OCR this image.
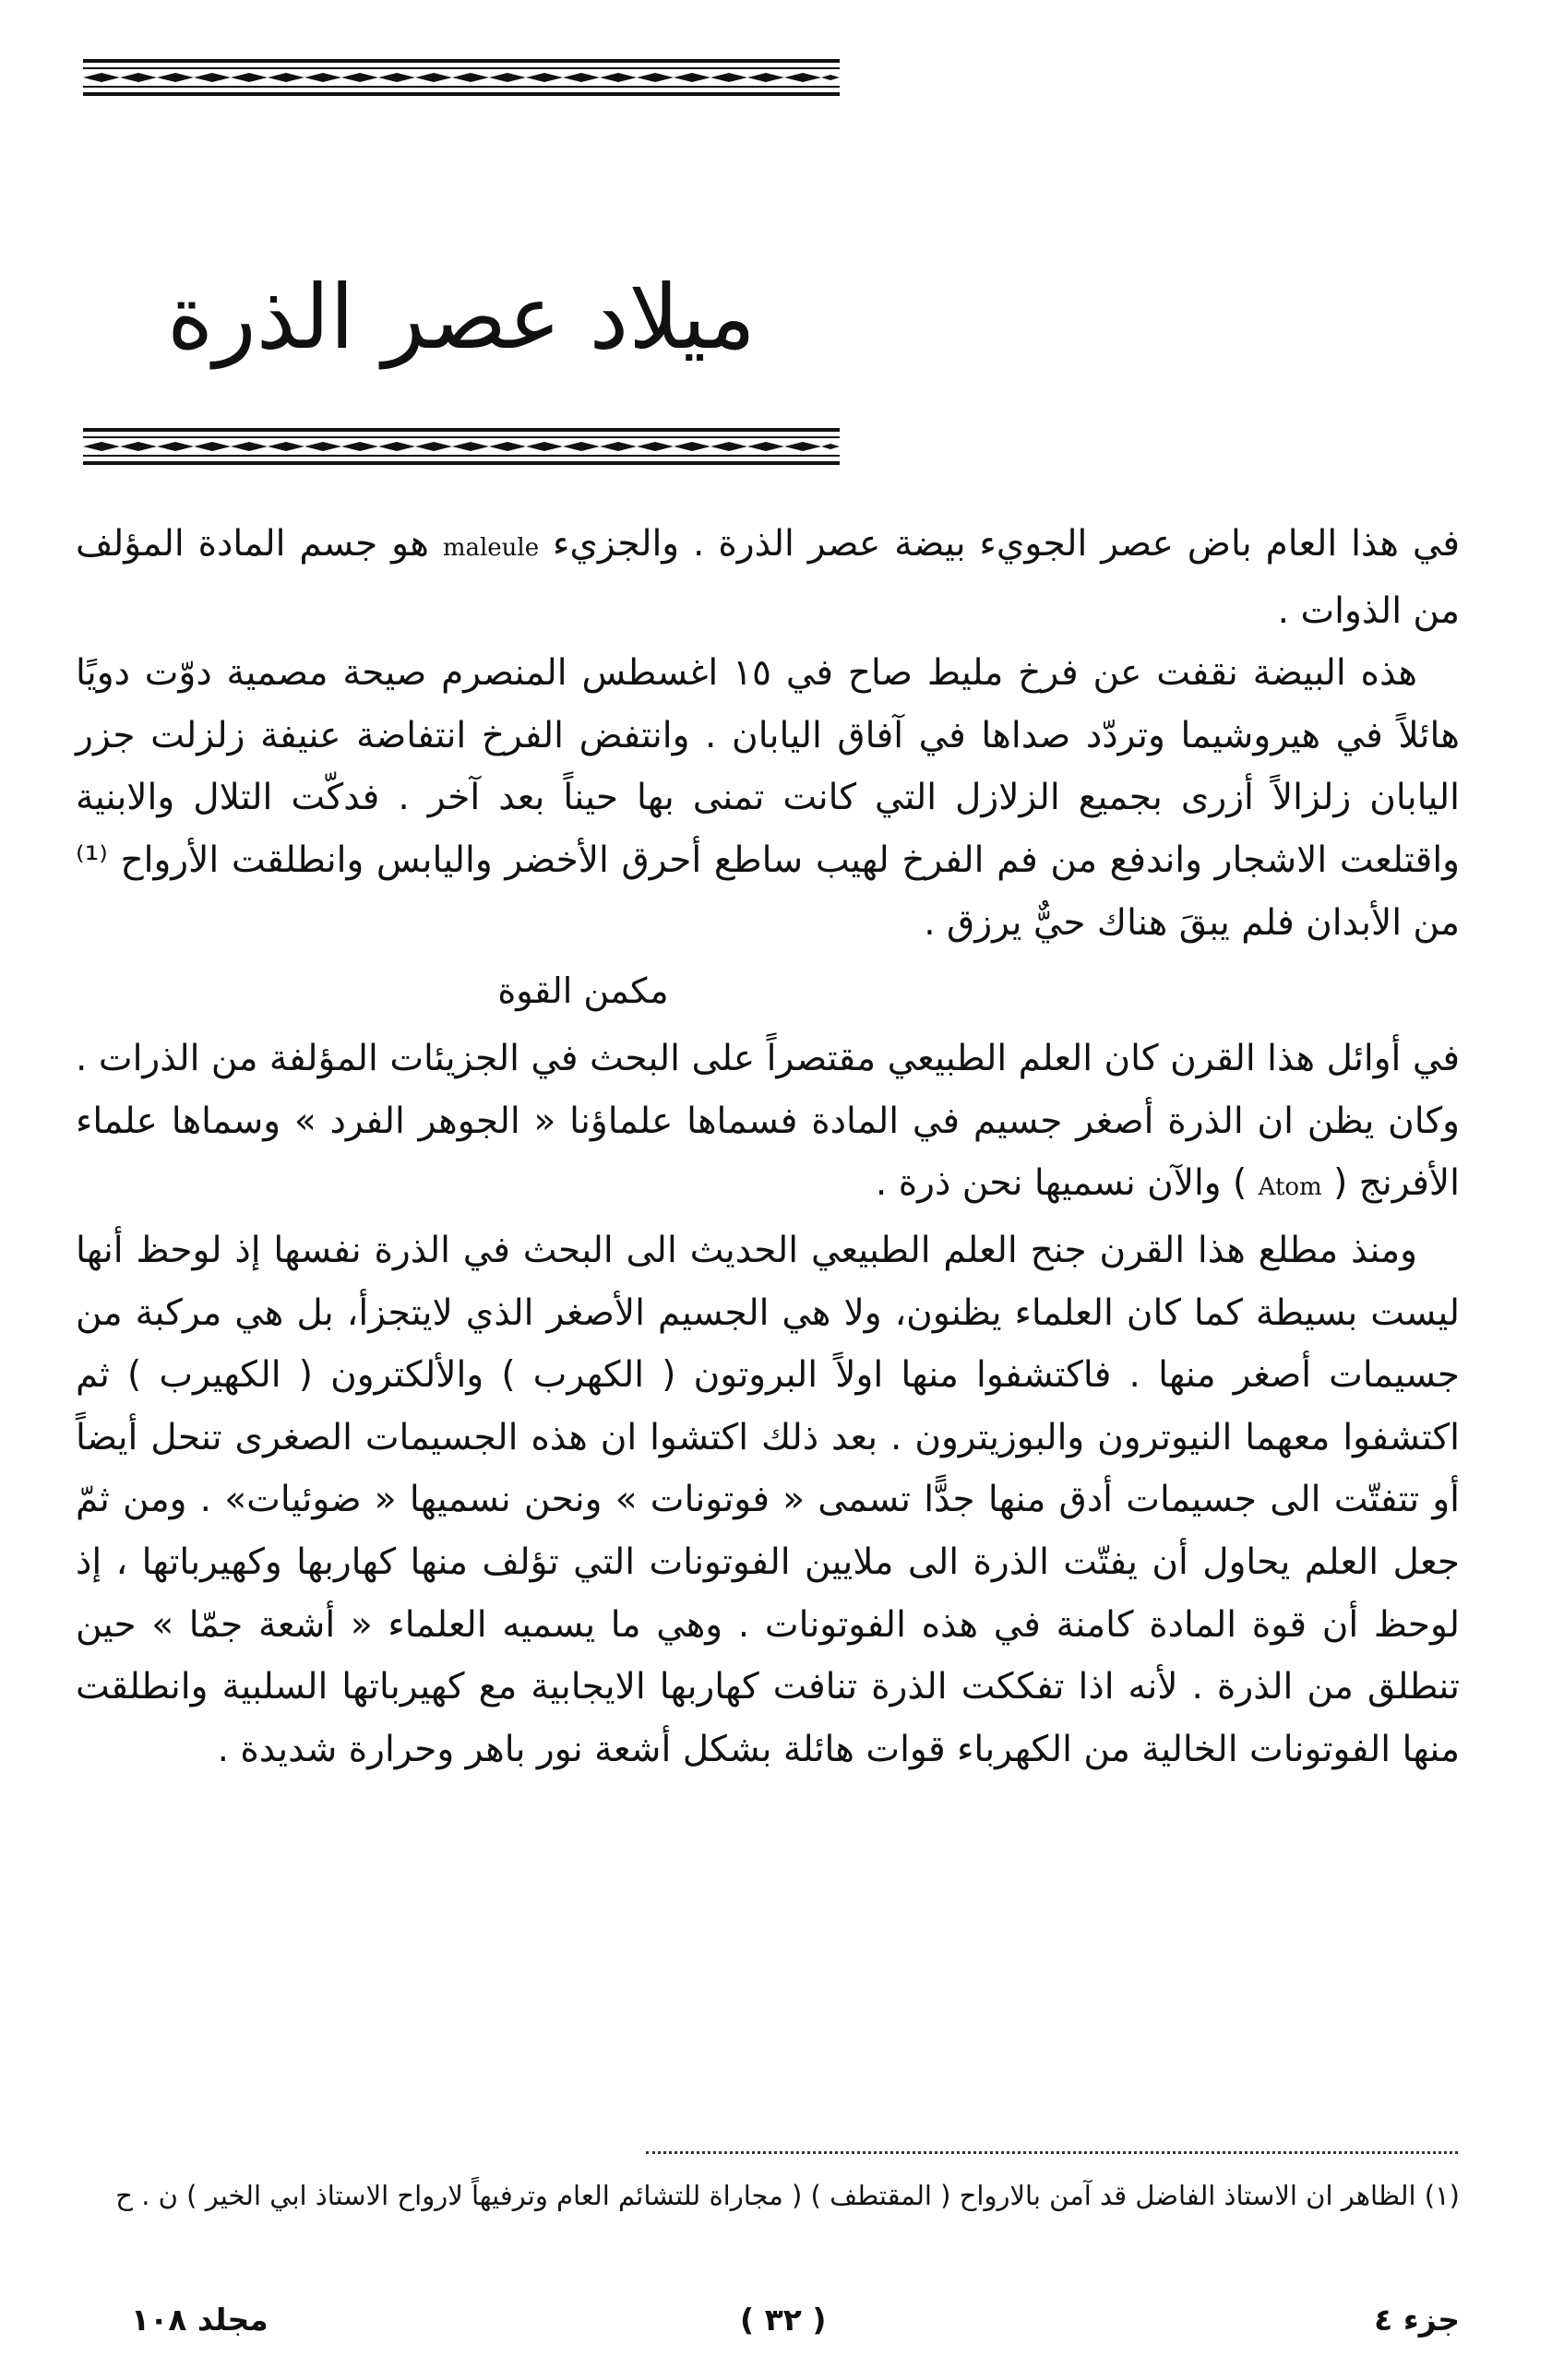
ميلاد عصر الذرة

في هذا العام باض عصر الجوي‌ء بيضة عصر الذرة . والجزيء maleule هو جسم المادة المؤلف من الذوات .

هذه البيضة نقفت عن فرخ مليط صاح في ١٥ اغسطس المنصرم صيحة مصمية دوّت دويًا هائلاً في هيروشيما وتردّد صداها في آفاق اليابان . وانتفض الفرخ انتفاضة عنيفة زلزلت جزر اليابان زلزالاً أزرى بجميع الزلازل التي كانت تمنى بها حيناً بعد آخر . فدكّت التلال والابنية واقتلعت الاشجار واندفع من فم الفرخ لهيب ساطع أحرق الأخضر واليابس وانطلقت الأرواح ⁽¹⁾ من الأبدان فلم يبقَ هناك حيٌّ يرزق .

مكمن القوة

في أوائل هذا القرن كان العلم الطبيعي مقتصراً على البحث في الجزيئات المؤلفة من الذرات . وكان يظن ان الذرة أصغر جسيم في المادة فسماها علماؤنا « الجوهر الفرد » وسماها علماء الأفرنج ( Atom ) والآن نسميها نحن ذرة .

ومنذ مطلع هذا القرن جنح العلم الطبيعي الحديث الى البحث في الذرة نفسها إذ لوحظ أنها ليست بسيطة كما كان العلماء يظنون، ولا هي الجسيم الأصغر الذي لايتجزأ، بل هي مركبة من جسيمات أصغر منها . فاكتشفوا منها اولاً البروتون ( الكهرب ) والألكترون ( الكهيرب ) ثم اكتشفوا معهما النيوترون والبوزيترون . بعد ذلك اكتشوا ان هذه الجسيمات الصغرى تنحل أيضاً أو تتفتّت الى جسيمات أدق منها جدًّا تسمى « فوتونات » ونحن نسميها « ضوئيات» . ومن ثمّ جعل العلم يحاول أن يفتّت الذرة الى ملايين الفوتونات التي تؤلف منها كهاربها وكهيرباتها ، إذ لوحظ أن قوة المادة كامنة في هذه الفوتونات . وهي ما يسميه العلماء « أشعة جمّا » حين تنطلق من الذرة . لأنه اذا تفككت الذرة تنافت كهاربها الايجابية مع كهيرباتها السلبية وانطلقت منها الفوتونات الخالية من الكهرباء قوات هائلة بشكل أشعة نور باهر وحرارة شديدة .

(١) الظاهر ان الاستاذ الفاضل قد آمن بالارواح ( المقتطف ) ( مجاراة للتشائم العام وترفيهاً لارواح الاستاذ ابي الخير ) ن . ح
جزء ٤
( ٣٢ )
مجلد ١٠٨
